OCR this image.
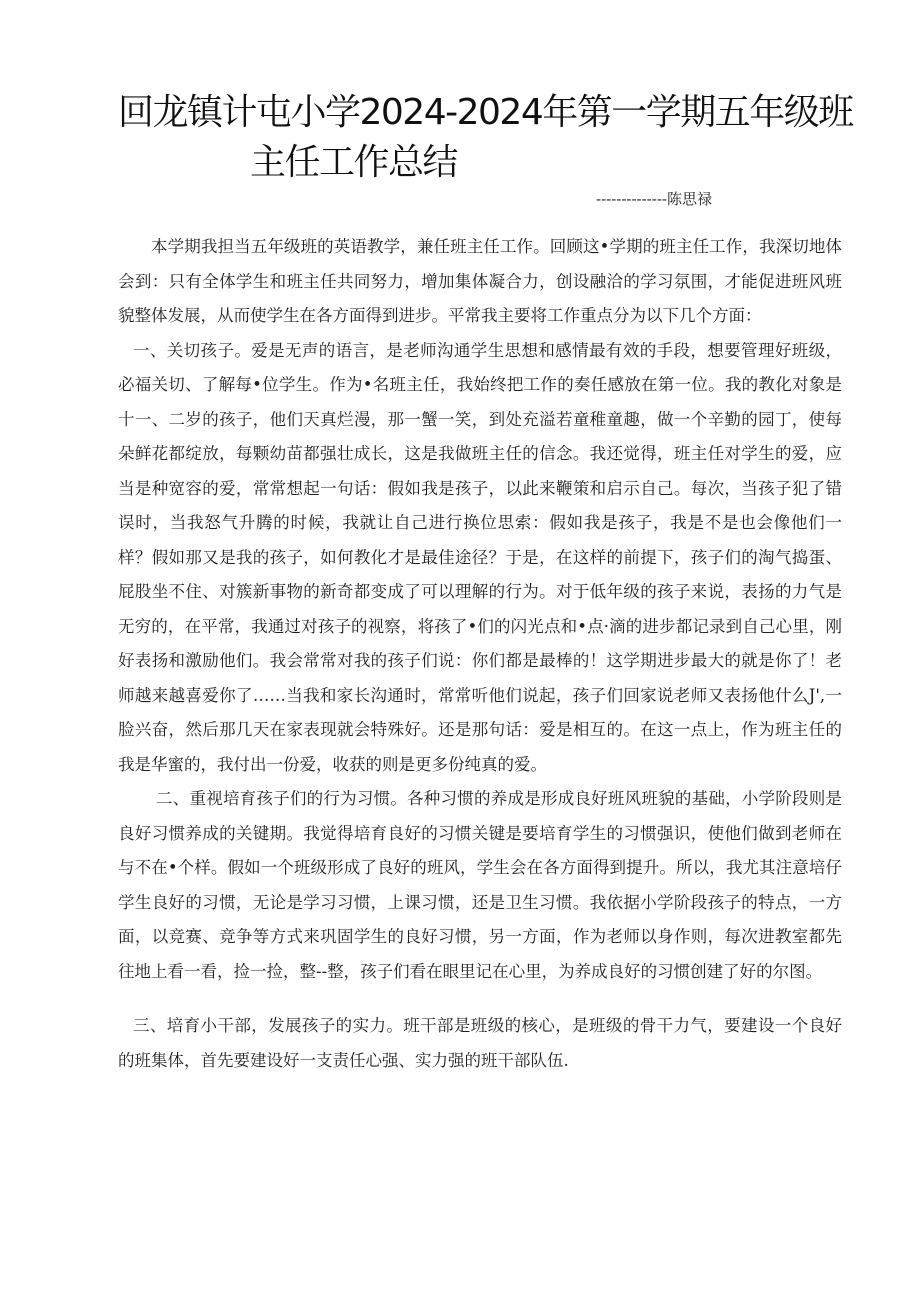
回龙镇计屯小学2024-2024年第一学期五年级班
主任工作总结
--------------陈思禄

本学期我担当五年级班的英语教学，兼任班主任工作。回顾这•学期的班主任工作，我深切地体会到：只有全体学生和班主任共同努力，增加集体凝合力，创设融洽的学习氛围，才能促进班风班貌整体发展，从而使学生在各方面得到进步。平常我主要将工作重点分为以下几个方面：

一、关切孩子。爱是无声的语言，是老师沟通学生思想和感情最有效的手段，想要管理好班级，必福关切、了解每•位学生。作为•名班主任，我始终把工作的奏任感放在第一位。我的教化对象是十一、二岁的孩子，他们天真烂漫，那一蟹一笑，到处充溢若童稚童趣，做一个辛勤的园丁，使每朵鲜花都绽放，每颗幼苗都强壮成长，这是我做班主任的信念。我还觉得，班主任对学生的爱，应当是种宽容的爱，常常想起一句话：假如我是孩子，以此来鞭策和启示自己。每次，当孩子犯了错误时，当我怒气升腾的时候，我就让自己进行换位思索：假如我是孩子，我是不是也会像他们一样？假如那又是我的孩子，如何教化才是最佳途径？于是，在这样的前提下，孩子们的淘气捣蛋、屁股坐不住、对簇新事物的新奇都变成了可以理解的行为。对于低年级的孩子来说，表扬的力气是无穷的，在平常，我通过对孩子的视察，将孩了•们的闪光点和•点·滴的进步都记录到自己心里，刚好表扬和激励他们。我会常常对我的孩子们说：你们都是最棒的！这学期进步最大的就是你了！老师越来越喜爱你了……当我和家长沟通时，常常听他们说起，孩子们回家说老师又表扬他什么J',一脸兴奋，然后那几天在家表现就会特殊好。还是那句话：爱是相互的。在这一点上，作为班主任的我是华蜜的，我付出一份爱，收获的则是更多份纯真的爱。

二、重视培育孩子们的行为习惯。各种习惯的养成是形成良好班风班貌的基础，小学阶段则是良好习惯养成的关键期。我觉得培育良好的习惯关键是要培育学生的习惯强识，使他们做到老师在与不在•个样。假如一个班级形成了良好的班风，学生会在各方面得到提升。所以，我尤其注意培仔学生良好的习惯，无论是学习习惯，上课习惯，还是卫生习惯。我依据小学阶段孩子的特点，一方面，以竞赛、竞争等方式来巩固学生的良好习惯，另一方面，作为老师以身作则，每次进教室都先往地上看一看，捡一捡，整--整，孩子们看在眼里记在心里，为养成良好的习惯创建了好的尔图。

三、培育小干部，发展孩子的实力。班干部是班级的核心，是班级的骨干力气，要建设一个良好的班集体，首先要建设好一支责任心强、实力强的班干部队伍.
